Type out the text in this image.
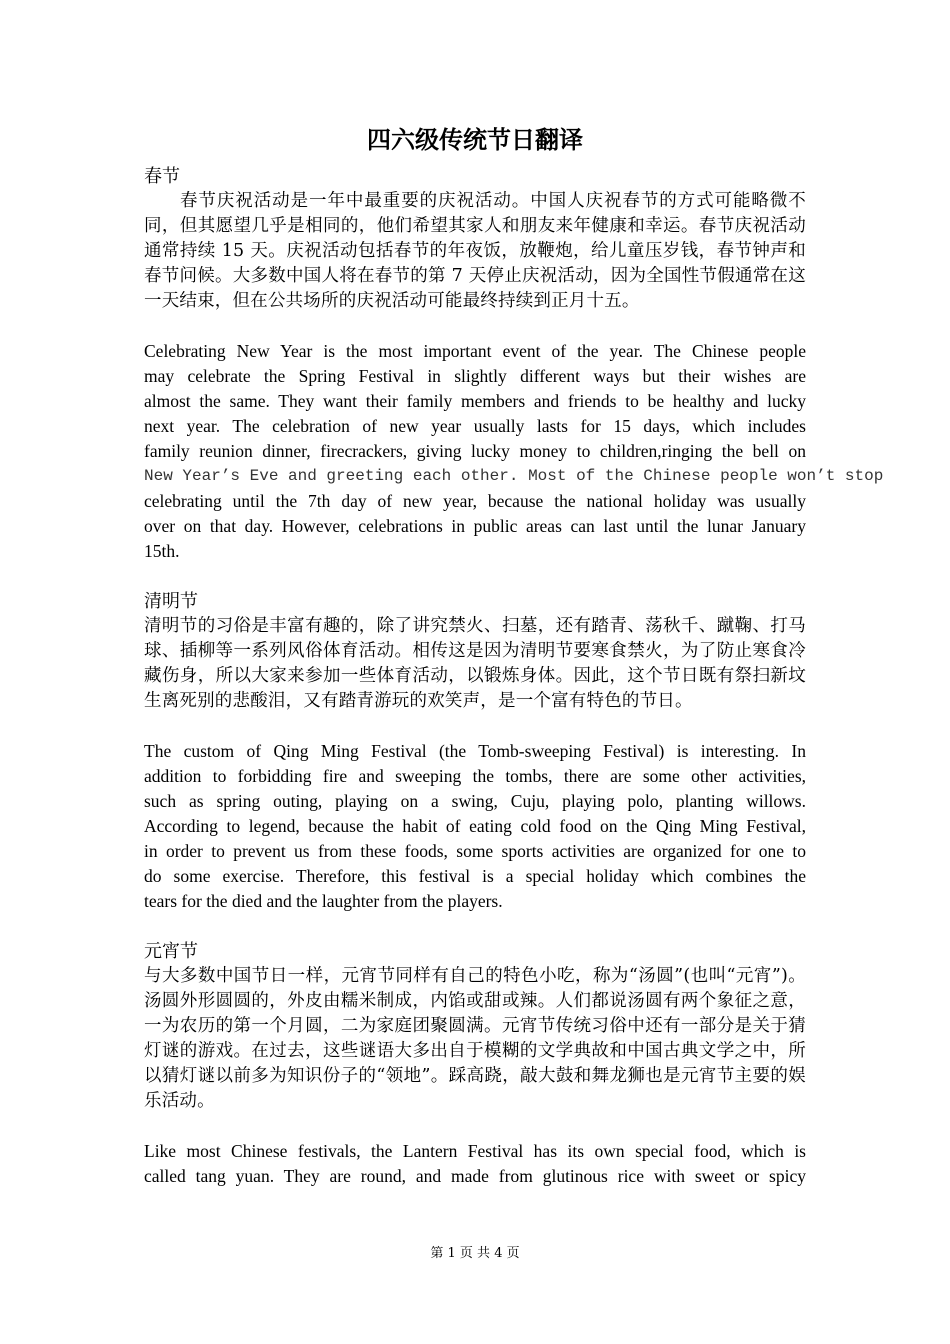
四六级传统节日翻译

春节

春节庆祝活动是一年中最重要的庆祝活动。中国人庆祝春节的方式可能略微不同，但其愿望几乎是相同的，他们希望其家人和朋友来年健康和幸运。春节庆祝活动通常持续 15 天。庆祝活动包括春节的年夜饭，放鞭炮，给儿童压岁钱，春节钟声和春节问候。大多数中国人将在春节的第 7 天停止庆祝活动，因为全国性节假通常在这一天结束，但在公共场所的庆祝活动可能最终持续到正月十五。

Celebrating New Year is the most important event of the year. The Chinese people
may celebrate the Spring Festival in slightly different ways but their wishes are
almost the same. They want their family members and friends to be healthy and lucky
next year. The celebration of new year usually lasts for 15 days, which includes
family reunion dinner, firecrackers, giving lucky money to children,ringing the bell on
New Year’s Eve and greeting each other. Most of the Chinese people won’t stop
celebrating until the 7th day of new year, because the national holiday was usually
over on that day. However, celebrations in public areas can last until the lunar January
15th.

清明节

清明节的习俗是丰富有趣的，除了讲究禁火、扫墓，还有踏青、荡秋千、蹴鞠、打马球、插柳等一系列风俗体育活动。相传这是因为清明节要寒食禁火，为了防止寒食冷藏伤身，所以大家来参加一些体育活动，以锻炼身体。因此，这个节日既有祭扫新坟生离死别的悲酸泪，又有踏青游玩的欢笑声，是一个富有特色的节日。

The custom of Qing Ming Festival (the Tomb-sweeping Festival) is interesting. In
addition to forbidding fire and sweeping the tombs, there are some other activities,
such as spring outing, playing on a swing, Cuju, playing polo, planting willows.
According to legend, because the habit of eating cold food on the Qing Ming Festival,
in order to prevent us from these foods, some sports activities are organized for one to
do some exercise. Therefore, this festival is a special holiday which combines the
tears for the died and the laughter from the players.

元宵节

与大多数中国节日一样，元宵节同样有自己的特色小吃，称为“汤圆”(也叫“元宵”)。汤圆外形圆圆的，外皮由糯米制成，内馅或甜或辣。人们都说汤圆有两个象征之意，一为农历的第一个月圆，二为家庭团聚圆满。元宵节传统习俗中还有一部分是关于猜灯谜的游戏。在过去，这些谜语大多出自于模糊的文学典故和中国古典文学之中，所以猜灯谜以前多为知识份子的“领地”。踩高跷，敲大鼓和舞龙狮也是元宵节主要的娱乐活动。

Like most Chinese festivals, the Lantern Festival has its own special food, which is
called tang yuan. They are round, and made from glutinous rice with sweet or spicy

第 1 页 共 4 页
